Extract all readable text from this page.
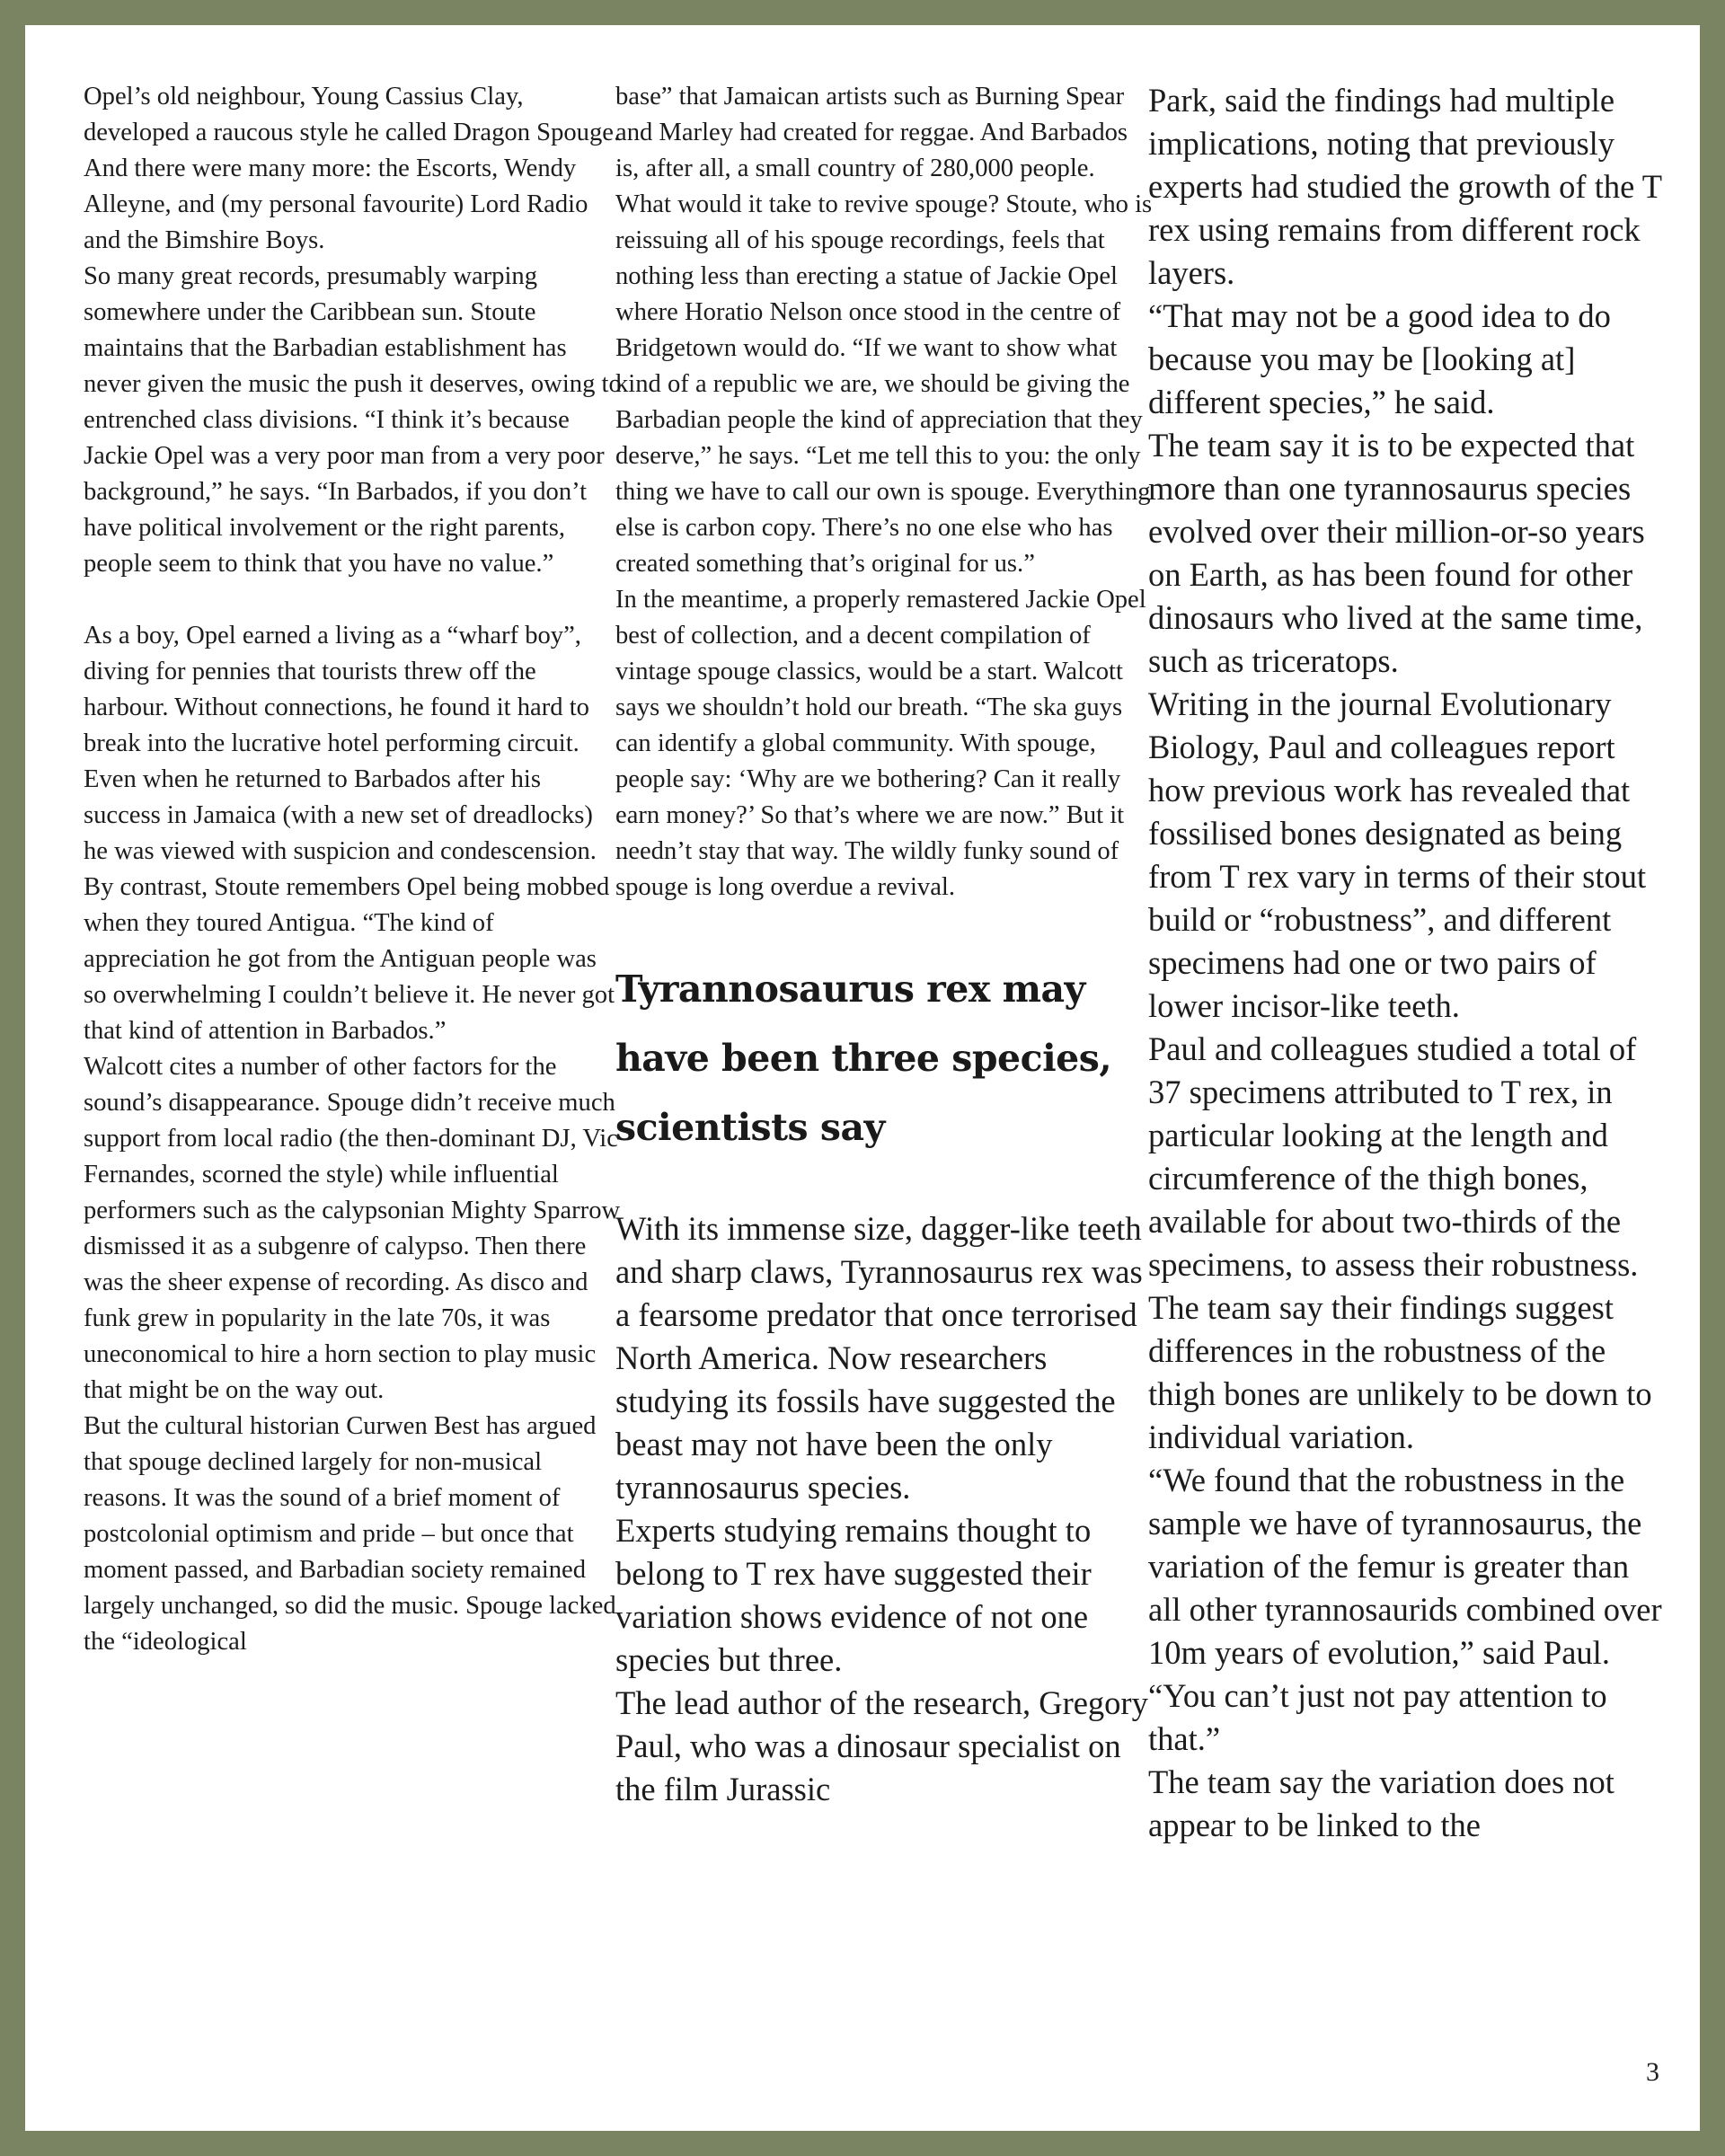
Opel’s old neighbour, Young Cassius Clay, developed a raucous style he called Dragon Spouge. And there were many more: the Escorts, Wendy Alleyne, and (my personal favourite) Lord Radio and the Bimshire Boys.

So many great records, presumably warping somewhere under the Caribbean sun. Stoute maintains that the Barbadian establishment has never given the music the push it deserves, owing to entrenched class divisions. “I think it’s because Jackie Opel was a very poor man from a very poor background,” he says. “In Barbados, if you don’t have political involvement or the right parents, people seem to think that you have no value.”

As a boy, Opel earned a living as a “wharf boy”, diving for pennies that tourists threw off the harbour. Without connections, he found it hard to break into the lucrative hotel performing circuit. Even when he returned to Barbados after his success in Jamaica (with a new set of dreadlocks) he was viewed with suspicion and condescension. By contrast, Stoute remembers Opel being mobbed when they toured Antigua. “The kind of appreciation he got from the Antiguan people was so overwhelming I couldn’t believe it. He never got that kind of attention in Barbados.”

Walcott cites a number of other factors for the sound’s disappearance. Spouge didn’t receive much support from local radio (the then-dominant DJ, Vic Fernandes, scorned the style) while influential performers such as the calypsonian Mighty Sparrow dismissed it as a subgenre of calypso. Then there was the sheer expense of recording. As disco and funk grew in popularity in the late 70s, it was uneconomical to hire a horn section to play music that might be on the way out.

But the cultural historian Curwen Best has argued that spouge declined largely for non-musical reasons. It was the sound of a brief moment of postcolonial optimism and pride – but once that moment passed, and Barbadian society remained largely unchanged, so did the music. Spouge lacked the “ideological

base” that Jamaican artists such as Burning Spear and Marley had created for reggae. And Barbados is, after all, a small country of 280,000 people.

What would it take to revive spouge? Stoute, who is reissuing all of his spouge recordings, feels that nothing less than erecting a statue of Jackie Opel where Horatio Nelson once stood in the centre of Bridgetown would do. “If we want to show what kind of a republic we are, we should be giving the Barbadian people the kind of appreciation that they deserve,” he says. “Let me tell this to you: the only thing we have to call our own is spouge. Everything else is carbon copy. There’s no one else who has created something that’s original for us.”

In the meantime, a properly remastered Jackie Opel best of collection, and a decent compilation of vintage spouge classics, would be a start. Walcott says we shouldn’t hold our breath. “The ska guys can identify a global community. With spouge, people say: ‘Why are we bothering? Can it really earn money?’ So that’s where we are now.” But it needn’t stay that way. The wildly funky sound of spouge is long overdue a revival.

Tyrannosaurus rex may have been three species, scientists say

With its immense size, dagger-like teeth and sharp claws, Tyrannosaurus rex was a fearsome predator that once terrorised North America. Now researchers studying its fossils have suggested the beast may not have been the only tyrannosaurus species.

Experts studying remains thought to belong to T rex have suggested their variation shows evidence of not one species but three.

The lead author of the research, Gregory Paul, who was a dinosaur specialist on the film Jurassic

Park, said the findings had multiple implications, noting that previously experts had studied the growth of the T rex using remains from different rock layers.

“That may not be a good idea to do because you may be [looking at] different species,” he said.

The team say it is to be expected that more than one tyrannosaurus species evolved over their million-or-so years on Earth, as has been found for other dinosaurs who lived at the same time, such as triceratops.

Writing in the journal Evolutionary Biology, Paul and colleagues report how previous work has revealed that fossilised bones designated as being from T rex vary in terms of their stout build or “robustness”, and different specimens had one or two pairs of lower incisor-like teeth.

Paul and colleagues studied a total of 37 specimens attributed to T rex, in particular looking at the length and circumference of the thigh bones, available for about two-thirds of the specimens, to assess their robustness.

The team say their findings suggest differences in the robustness of the thigh bones are unlikely to be down to individual variation.

“We found that the robustness in the sample we have of tyrannosaurus, the variation of the femur is greater than all other tyrannosaurids combined over 10m years of evolution,” said Paul. “You can’t just not pay attention to that.”

The team say the variation does not appear to be linked to the

3
